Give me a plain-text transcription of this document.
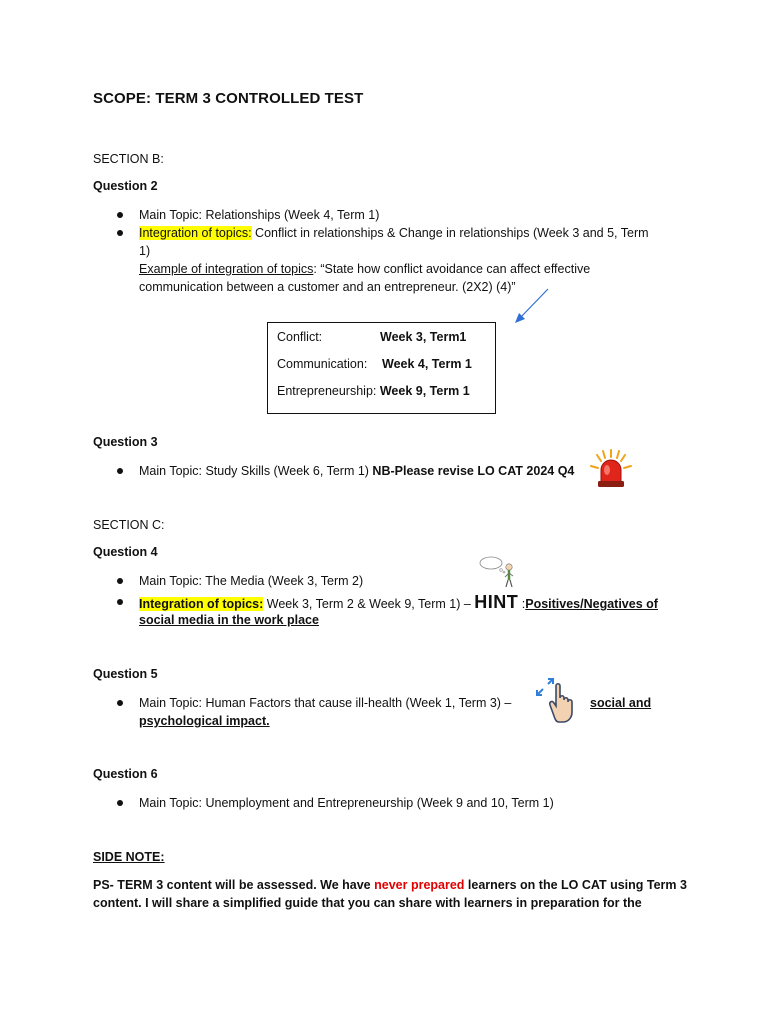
SCOPE: TERM 3 CONTROLLED TEST
SECTION B:
Question 2
Main Topic: Relationships (Week 4, Term 1)
Integration of topics: Conflict in relationships & Change in relationships (Week 3 and 5, Term
1)
Example of integration of topics: “State how conflict avoidance can affect effective
communication between a customer and an entrepreneur. (2X2) (4)”
Conflict:	Week 3, Term1
Communication: Week 4, Term 1
Entrepreneurship: Week 9, Term 1
Question 3
Main Topic: Study Skills (Week 6, Term 1) NB-Please revise LO CAT 2024 Q4
SECTION C:
Question 4
Main Topic: The Media (Week 3, Term 2)
Integration of topics: Week 3, Term 2 & Week 9, Term 1) – HINT :Positives/Negatives of
social media in the work place
Question 5
Main Topic: Human Factors that cause ill-health (Week 1, Term 3) –	social and
psychological impact.
Question 6
Main Topic: Unemployment and Entrepreneurship (Week 9 and 10, Term 1)
SIDE NOTE:
PS- TERM 3 content will be assessed. We have never prepared learners on the LO CAT using Term 3
content. I will share a simplified guide that you can share with learners in preparation for the
